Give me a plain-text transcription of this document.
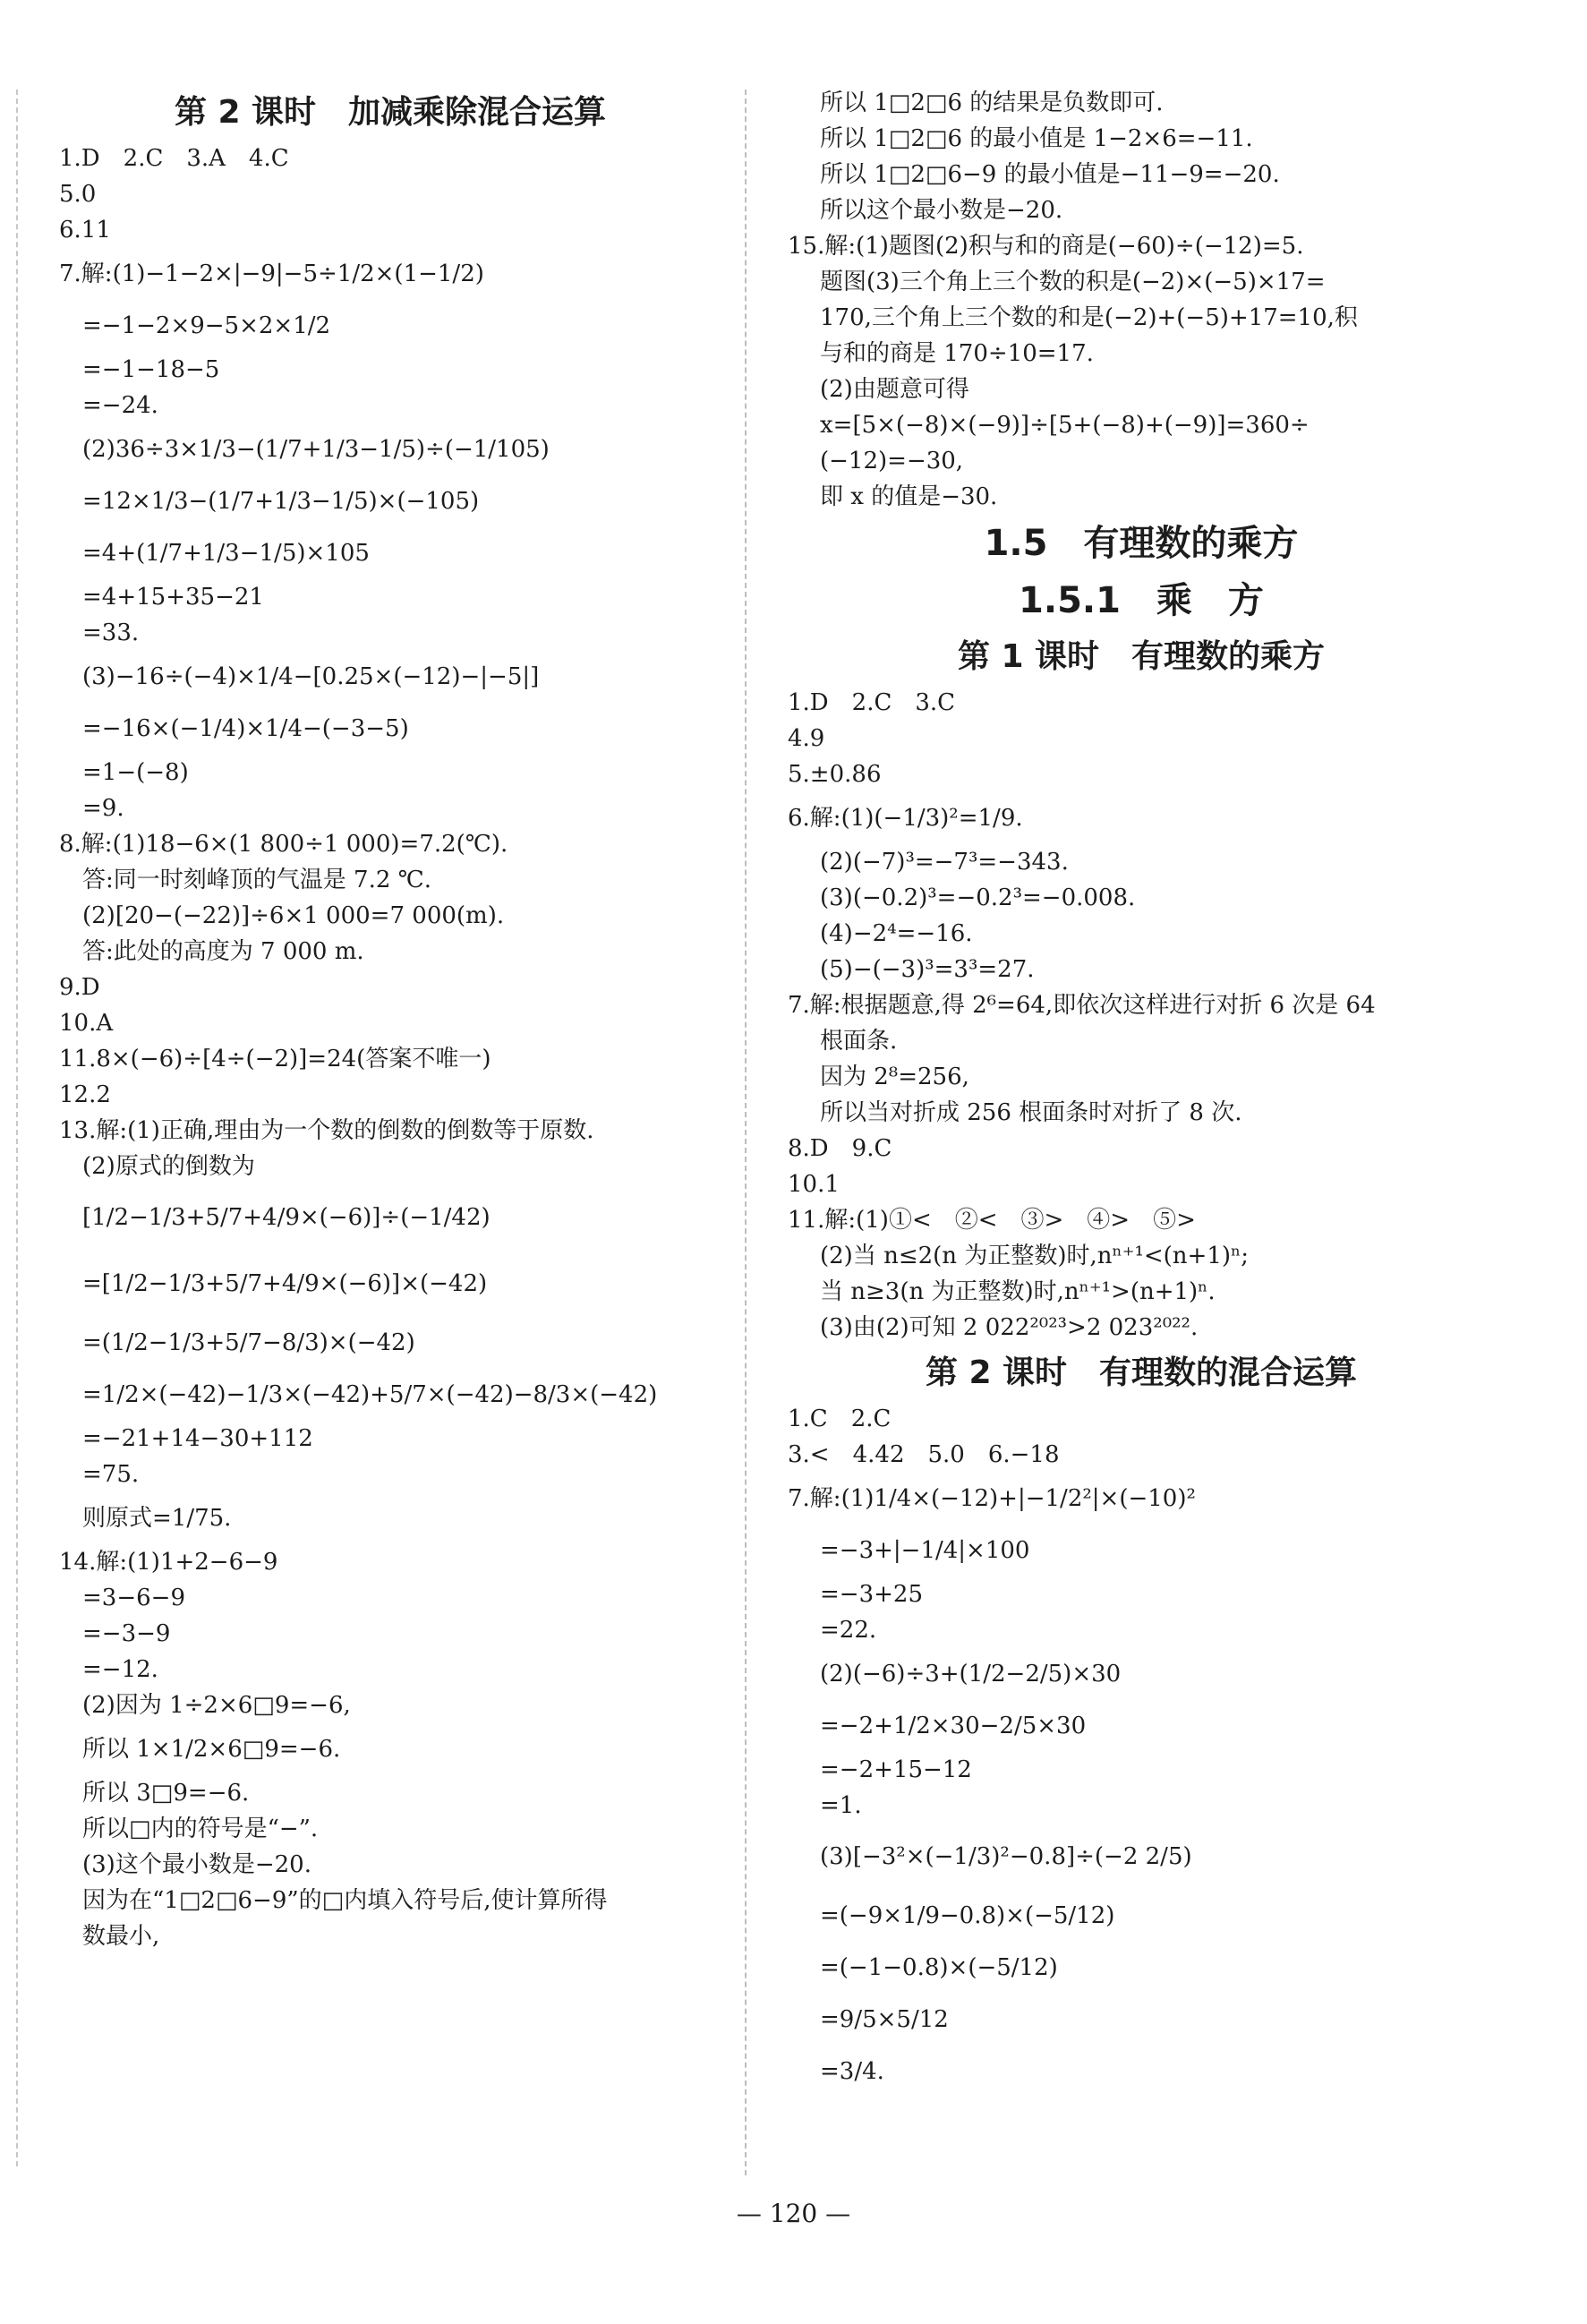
第 2 课时　加减乘除混合运算
1.D　2.C　3.A　4.C
5.0
6.11
7.解:(1)−1−2×|−9|−5÷1/2×(1−1/2)
=−1−2×9−5×2×1/2
=−1−18−5
=−24.
(2)36÷3×1/3−(1/7+1/3−1/5)÷(−1/105)
=12×1/3−(1/7+1/3−1/5)×(−105)
=4+(1/7+1/3−1/5)×105
=4+15+35−21
=33.
(3)−16÷(−4)×1/4−[0.25×(−12)−|−5|]
=−16×(−1/4)×1/4−(−3−5)
=1−(−8)
=9.
8.解:(1)18−6×(1 800÷1 000)=7.2(℃).
答:同一时刻峰顶的气温是 7.2 ℃.
(2)[20−(−22)]÷6×1 000=7 000(m).
答:此处的高度为 7 000 m.
9.D
10.A
11.8×(−6)÷[4÷(−2)]=24(答案不唯一)
12.2
13.解:(1)正确,理由为一个数的倒数的倒数等于原数.
(2)原式的倒数为
[1/2−1/3+5/7+4/9×(−6)]÷(−1/42)
=[1/2−1/3+5/7+4/9×(−6)]×(−42)
=(1/2−1/3+5/7−8/3)×(−42)
=1/2×(−42)−1/3×(−42)+5/7×(−42)−8/3×(−42)
=−21+14−30+112
=75.
则原式=1/75.
14.解:(1)1+2−6−9
=3−6−9
=−3−9
=−12.
(2)因为 1÷2×6□9=−6,
所以 1×1/2×6□9=−6.
所以 3□9=−6.
所以□内的符号是“−”.
(3)这个最小数是−20.
因为在“1□2□6−9”的□内填入符号后,使计算所得
数最小,
所以 1□2□6 的结果是负数即可.
所以 1□2□6 的最小值是 1−2×6=−11.
所以 1□2□6−9 的最小值是−11−9=−20.
所以这个最小数是−20.
15.解:(1)题图(2)积与和的商是(−60)÷(−12)=5.
题图(3)三个角上三个数的积是(−2)×(−5)×17=
170,三个角上三个数的和是(−2)+(−5)+17=10,积
与和的商是 170÷10=17.
(2)由题意可得
x=[5×(−8)×(−9)]÷[5+(−8)+(−9)]=360÷
(−12)=−30,
即 x 的值是−30.
1.5　有理数的乘方
1.5.1　乘　方
第 1 课时　有理数的乘方
1.D　2.C　3.C
4.9
5.±0.86
6.解:(1)(−1/3)²=1/9.
(2)(−7)³=−7³=−343.
(3)(−0.2)³=−0.2³=−0.008.
(4)−2⁴=−16.
(5)−(−3)³=3³=27.
7.解:根据题意,得 2⁶=64,即依次这样进行对折 6 次是 64
根面条.
因为 2⁸=256,
所以当对折成 256 根面条时对折了 8 次.
8.D　9.C
10.1
11.解:(1)①<　②<　③>　④>　⑤>
(2)当 n≤2(n 为正整数)时,nⁿ⁺¹<(n+1)ⁿ;
当 n≥3(n 为正整数)时,nⁿ⁺¹>(n+1)ⁿ.
(3)由(2)可知 2 022²⁰²³>2 023²⁰²².
第 2 课时　有理数的混合运算
1.C　2.C
3.<　4.42　5.0　6.−18
7.解:(1)1/4×(−12)+|−1/2²|×(−10)²
=−3+|−1/4|×100
=−3+25
=22.
(2)(−6)÷3+(1/2−2/5)×30
=−2+1/2×30−2/5×30
=−2+15−12
=1.
(3)[−3²×(−1/3)²−0.8]÷(−2 2/5)
=(−9×1/9−0.8)×(−5/12)
=(−1−0.8)×(−5/12)
=9/5×5/12
=3/4.
— 120 —
